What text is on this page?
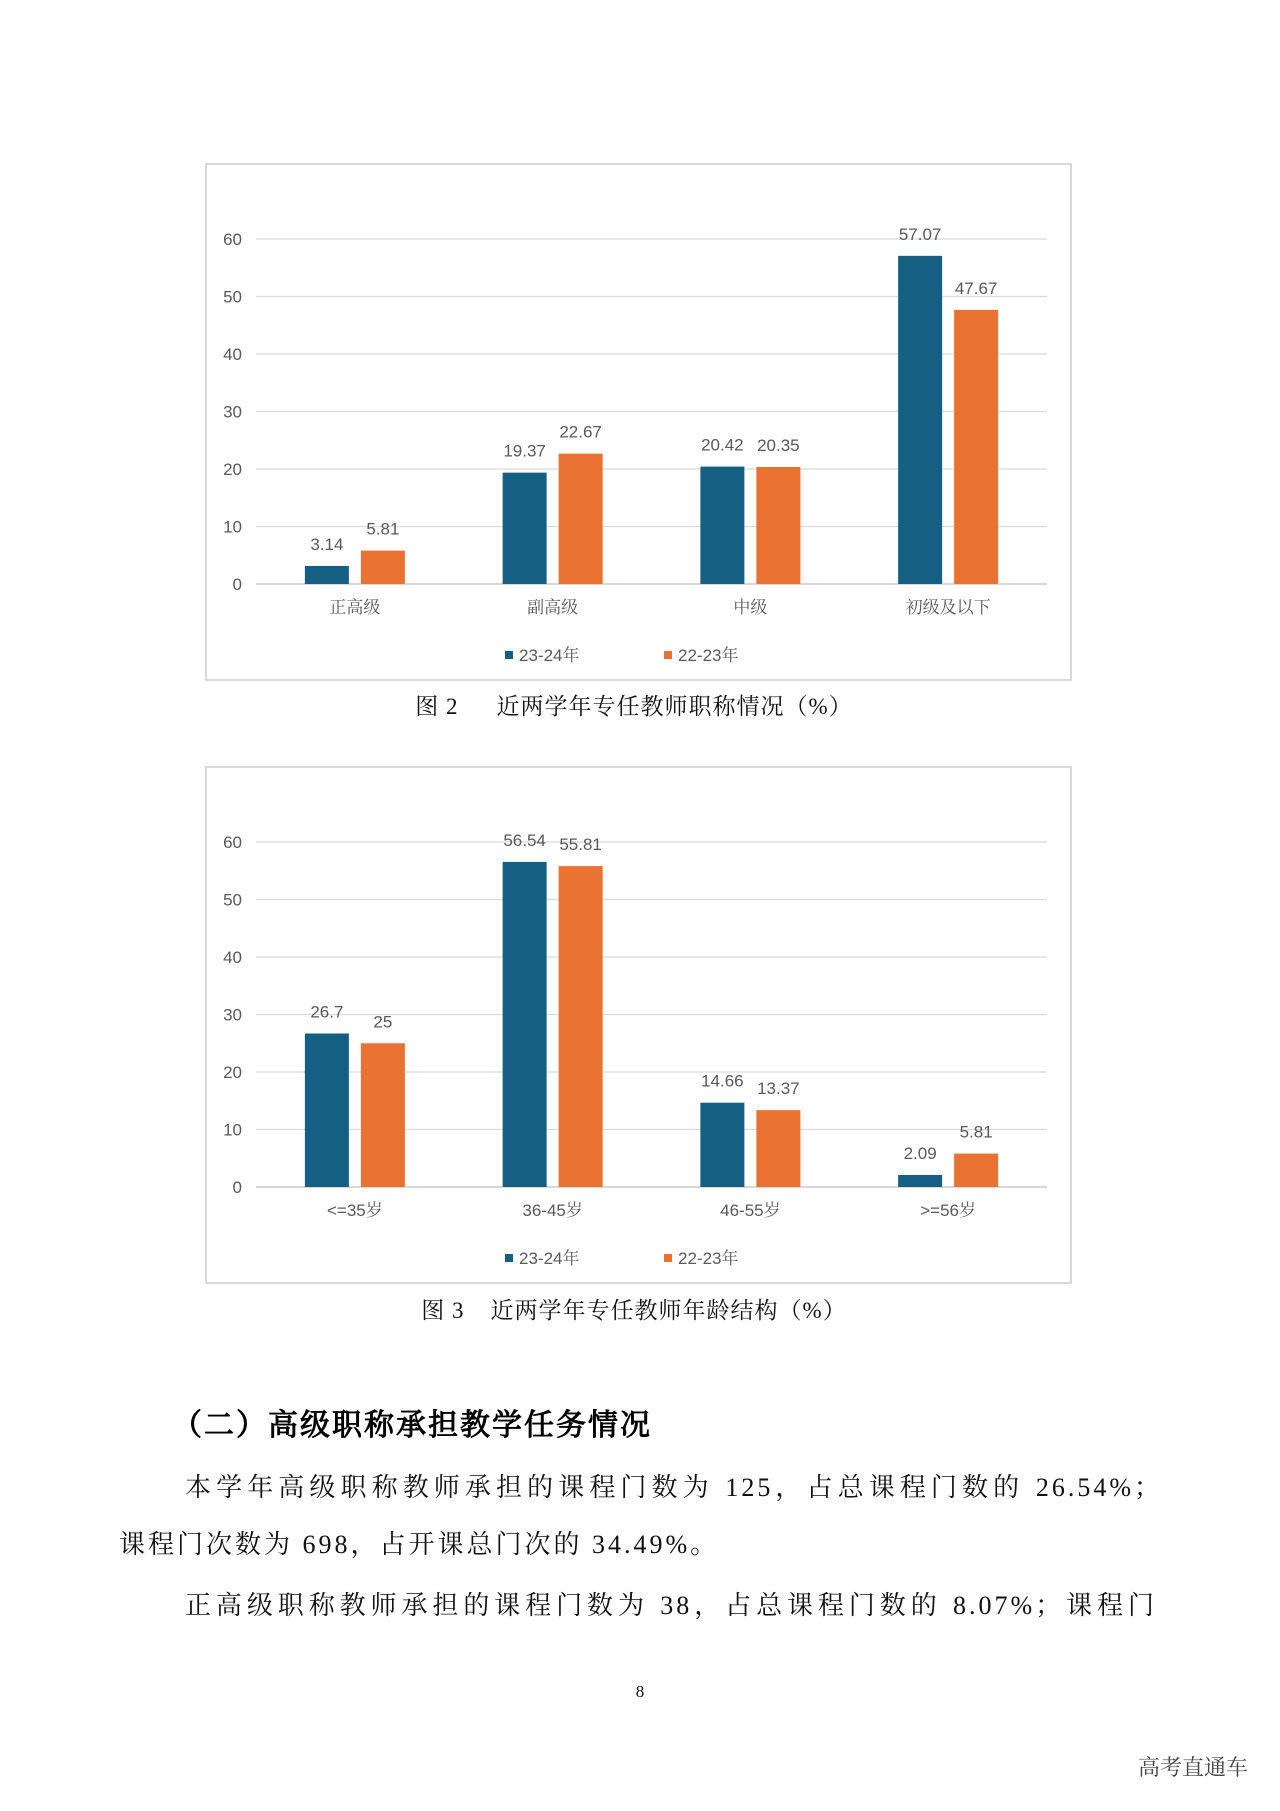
0
10
20
30
40
50
60
3.14
5.81
正高级
19.37
22.67
副高级
20.42 20.35
中级
57.07
47.67
初级及以下
23-24年	22-23年
图 2 近两学年专任教师职称情况（%）
0
10
20
30
40
50
60
26.7
25
<=35岁
56.54 55.81
36-45岁
14.66 13.37
46-55岁
2.09
5.81
>=56岁
23-24年	22-23年
图 3 近两学年专任教师年龄结构（%）
（二）高级职称承担教学任务情况
本学年高级职称教师承担的课程门数为 125，占总课程门数的 26.54%；
课程门次数为 698，占开课总门次的 34.49%。
正高级职称教师承担的课程门数为 38，占总课程门数的 8.07%；课程门
8
高考直通车
